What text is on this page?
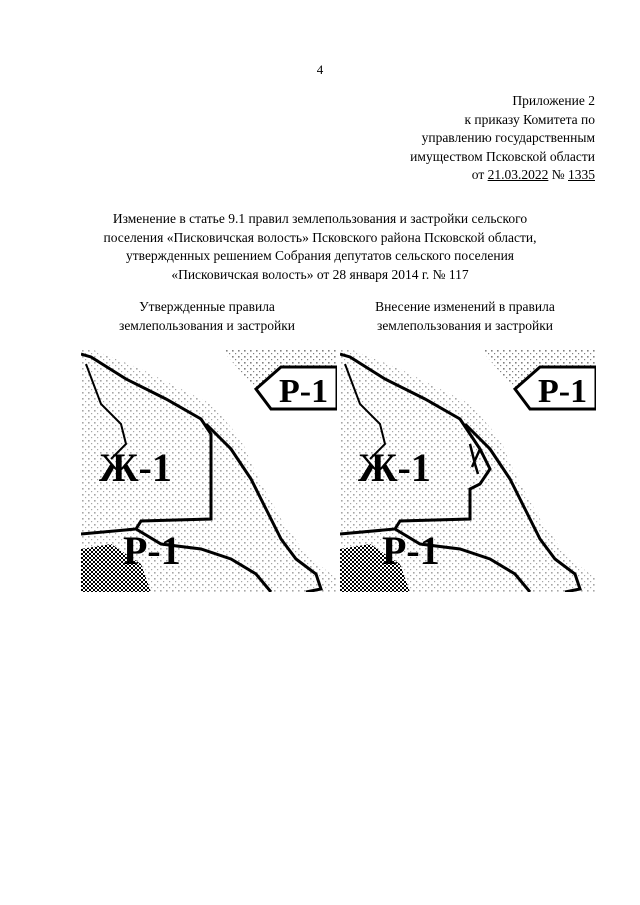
4
Приложение 2
к приказу Комитета по
управлению государственным
имуществом Псковской области
от 21.03.2022 № 1335
Изменение в статье 9.1 правил землепользования и застройки сельского
поселения «Писковичская волость» Псковского района Псковской области,
утвержденных решением Собрания депутатов сельского поселения
«Писковичская волость» от 28 января 2014 г. № 117
Утвержденные правила
землепользования и застройки
Внесение изменений в правила
землепользования и застройки
Р-1
Ж-1
Р-1
Р-1
Ж-1
Р-1
